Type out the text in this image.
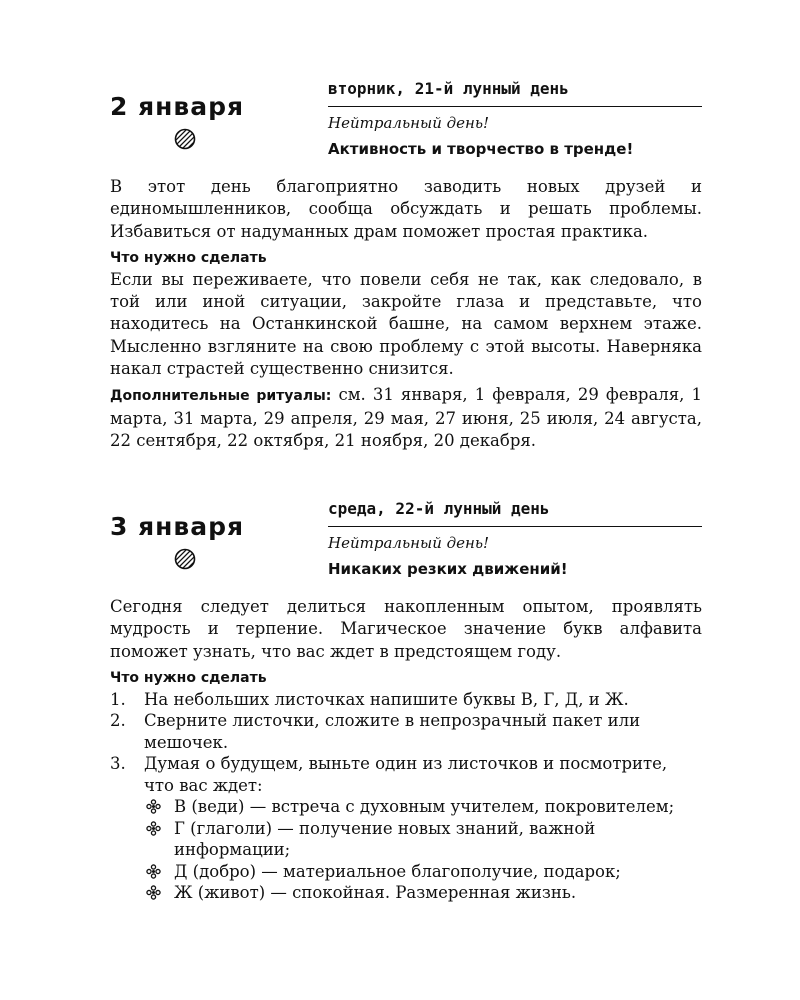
2 января
вторник, 21-й лунный день
Нейтральный день!
Активность и творчество в тренде!

В этот день благоприятно заводить новых друзей и единомышленников, сообща обсуждать и решать проблемы. Избавиться от надуманных драм поможет простая практика.

Что нужно сделать

Если вы переживаете, что повели себя не так, как следовало, в той или иной ситуации, закройте глаза и представьте, что находитесь на Останкинской башне, на самом верхнем этаже. Мысленно взгляните на свою проблему с этой высоты. Наверняка накал страстей существенно снизится.

Дополнительные ритуалы: см. 31 января, 1 февраля, 29 февраля, 1 марта, 31 марта, 29 апреля, 29 мая, 27 июня, 25 июля, 24 августа, 22 сентября, 22 октября, 21 ноября, 20 декабря.
3 января
среда, 22-й лунный день
Нейтральный день!
Никаких резких движений!

Сегодня следует делиться накопленным опытом, проявлять мудрость и терпение. Магическое значение букв алфавита поможет узнать, что вас ждет в предстоящем году.

Что нужно сделать
1. На небольших листочках напишите буквы В, Г, Д, и Ж.
2. Сверните листочки, сложите в непрозрачный пакет или мешочек.
3. Думая о будущем, выньте один из листочков и посмотрите, что вас ждет:
В (веди) — встреча с духовным учителем, покровителем;
Г (глаголи) — получение новых знаний, важной информации;
Д (добро) — материальное благополучие, подарок;
Ж (живот) — спокойная. Размеренная жизнь.
